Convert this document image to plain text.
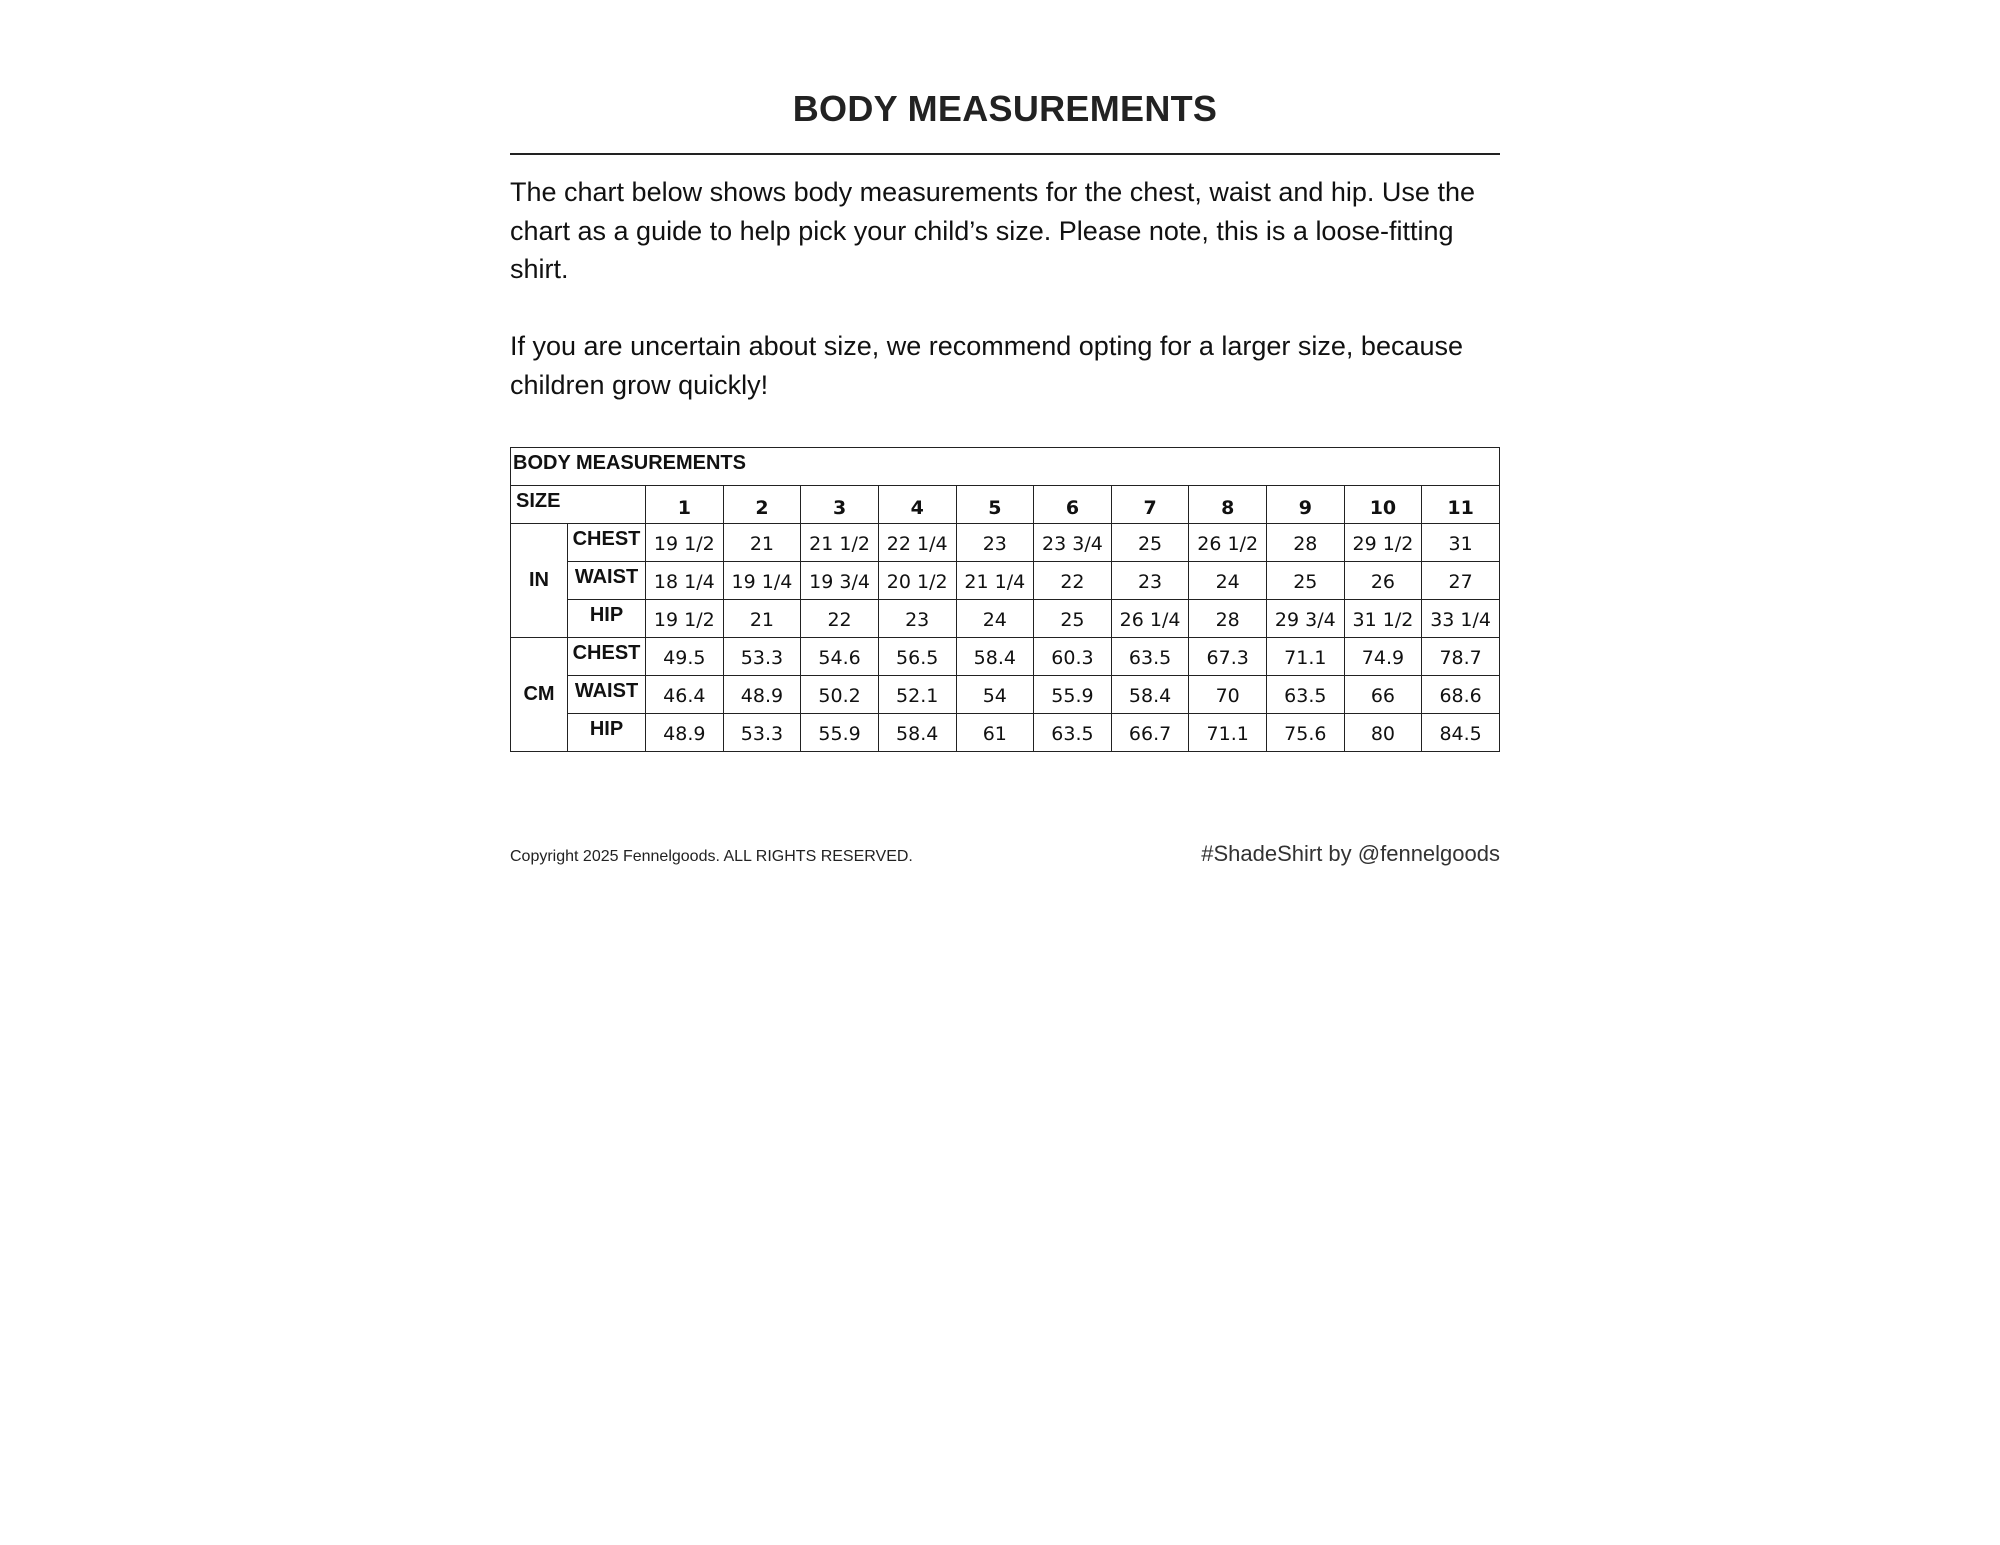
BODY MEASUREMENTS

The chart below shows body measurements for the chest, waist and hip. Use the chart as a guide to help pick your child’s size. Please note, this is a loose-fitting shirt.

If you are uncertain about size, we recommend opting for a larger size, because children grow quickly!

BODY MEASUREMENTS												
SIZE		1	2	3	4	5	6	7	8	9	10	11
IN	CHEST	19 1/2	21	21 1/2	22 1/4	23	23 3/4	25	26 1/2	28	29 1/2	31
	WAIST	18 1/4	19 1/4	19 3/4	20 1/2	21 1/4	22	23	24	25	26	27
	HIP	19 1/2	21	22	23	24	25	26 1/4	28	29 3/4	31 1/2	33 1/4
CM	CHEST	49.5	53.3	54.6	56.5	58.4	60.3	63.5	67.3	71.1	74.9	78.7
	WAIST	46.4	48.9	50.2	52.1	54	55.9	58.4	70	63.5	66	68.6
	HIP	48.9	53.3	55.9	58.4	61	63.5	66.7	71.1	75.6	80	84.5
Copyright 2025 Fennelgoods. ALL RIGHTS RESERVED.	#ShadeShirt by @fennelgoods
